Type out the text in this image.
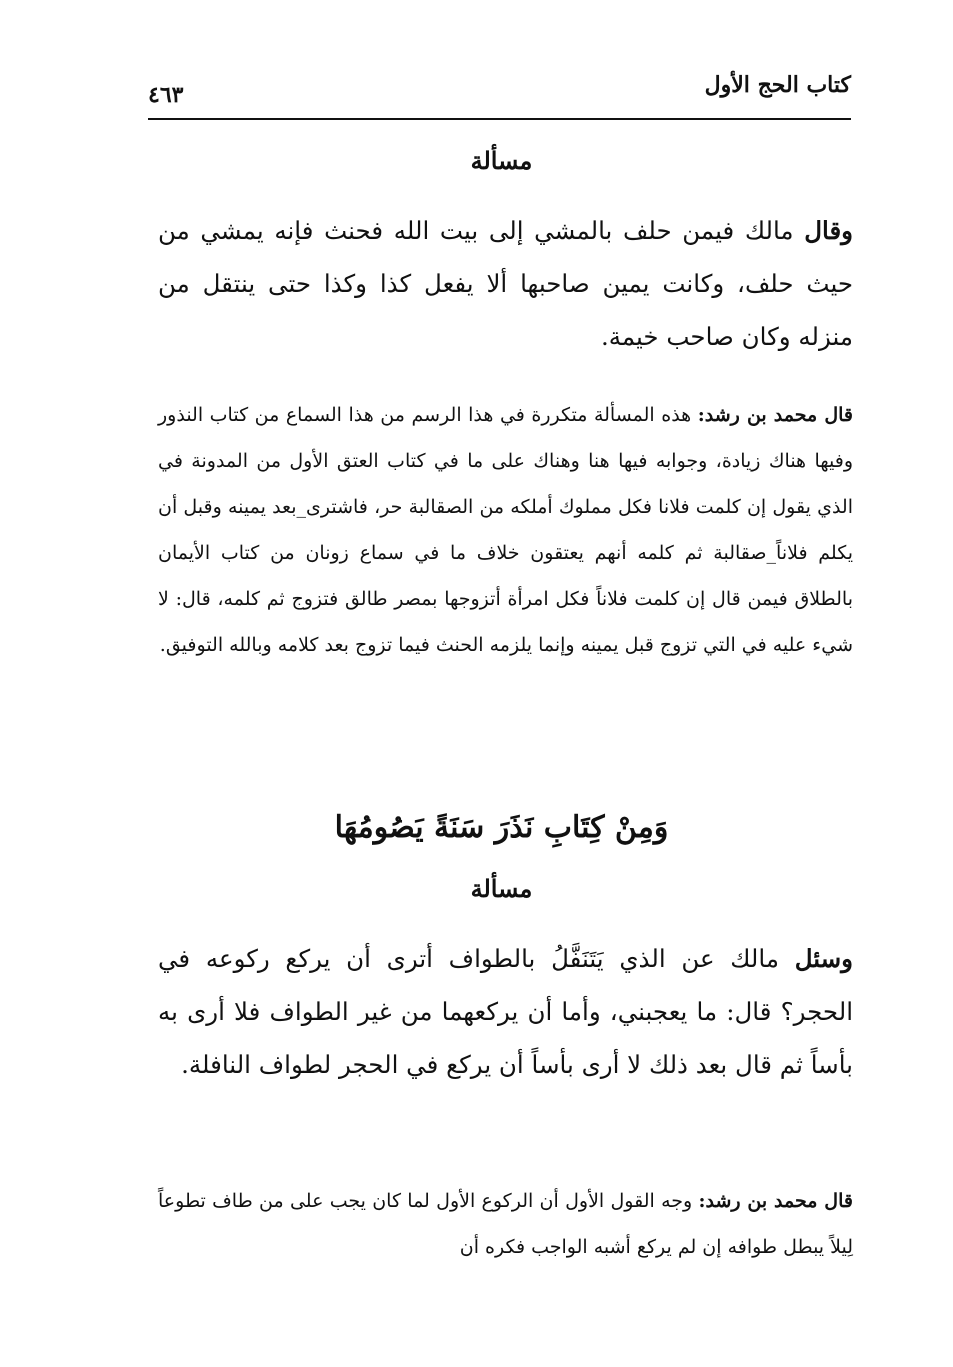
كتاب الحج الأول
٤٦٣
مسألة

وقال مالك فيمن حلف بالمشي إلى بيت الله فحنث فإنه يمشي من حيث حلف، وكانت يمين صاحبها ألا يفعل كذا وكذا حتى ينتقل من منزله وكان صاحب خيمة.

قال محمد بن رشد: هذه المسألة متكررة في هذا الرسم من هذا السماع من كتاب النذور وفيها هناك زيادة، وجوابه فيها هنا وهناك على ما في كتاب العتق الأول من المدونة في الذي يقول إن كلمت فلانا فكل مملوك أملكه من الصقالبة حر، فاشترى_بعد يمينه وقبل أن يكلم فلاناً_صقالبة ثم كلمه أنهم يعتقون خلاف ما في سماع زونان من كتاب الأيمان بالطلاق فيمن قال إن كلمت فلاناً فكل امرأة أتزوجها بمصر طالق فتزوج ثم كلمه، قال: لا شيء عليه في التي تزوج قبل يمينه وإنما يلزمه الحنث فيما تزوج بعد كلامه وبالله التوفيق.

وَمِنْ كِتَابِ نَذَرَ سَنَةً يَصُومُهَا
مسألة

وسئل مالك عن الذي يَتَنَفَّلُ بالطواف أترى أن يركع ركوعه في الحجر؟ قال: ما يعجبني، وأما أن يركعهما من غير الطواف فلا أرى به بأساً ثم قال بعد ذلك لا أرى بأساً أن يركع في الحجر لطواف النافلة.

قال محمد بن رشد: وجه القول الأول أن الركوع الأول لما كان يجب على من طاف تطوعاً لِيلاً يبطل طوافه إن لم يركع أشبه الواجب فكره أن
